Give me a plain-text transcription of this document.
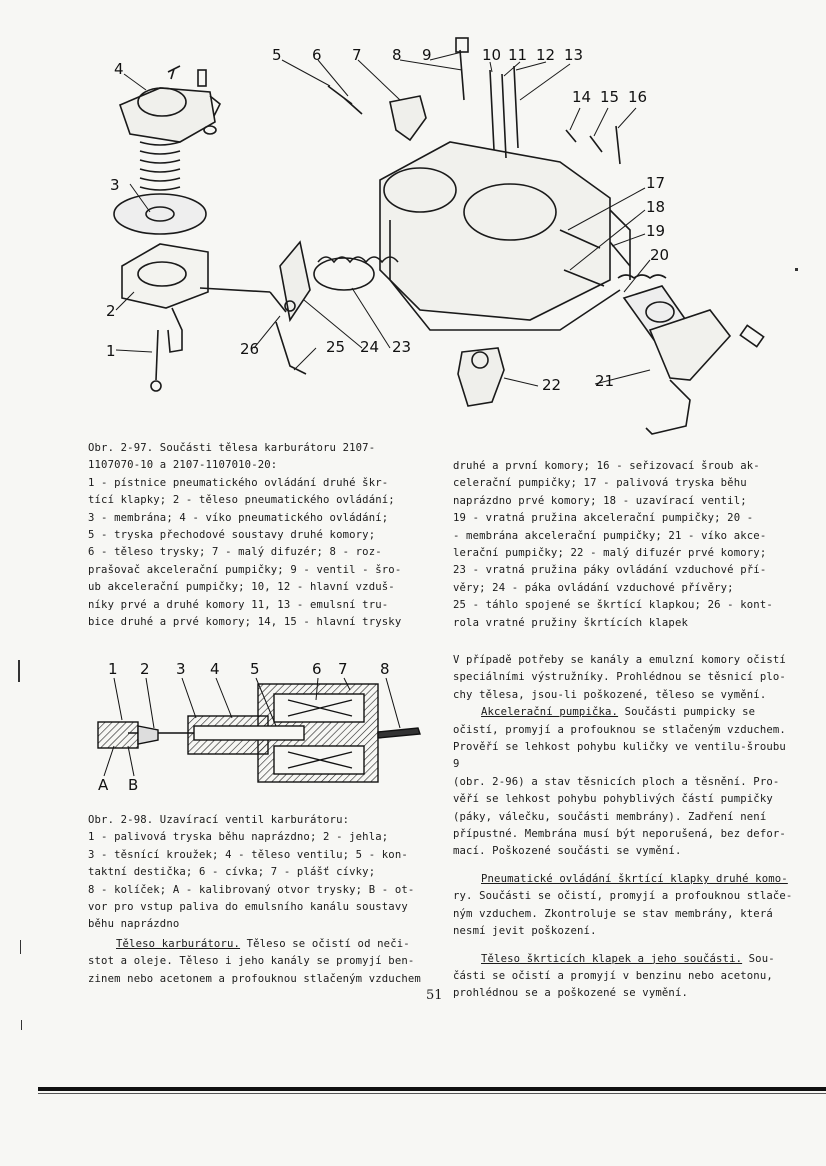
4
5 6 7 8 9	10 11 12 13
14 15 16
17
18
19
20
21
22
23
24
25
26
3
2
1

Obr. 2-97. Součásti tělesa karburátoru 2107-

1107070-10 a 2107-1107010-20:

1 - pístnice pneumatického ovládání druhé škr-

tící klapky; 2 - těleso pneumatického ovládání;

3 - membrána; 4 - víko pneumatického ovládání;

5 - tryska přechodové soustavy druhé komory;

6 - těleso trysky; 7 - malý difuzér; 8 - roz-

prašovač akcelerační pumpičky; 9 - ventil - šro-

ub akcelerační pumpičky; 10, 12 - hlavní vzduš-

níky prvé a druhé komory 11, 13 - emulsní tru-

bice druhé a prvé komory; 14, 15 - hlavní trysky

druhé a první komory; 16 - seřizovací šroub ak-

celerační pumpičky; 17 - palivová tryska běhu

naprázdno prvé komory; 18 - uzavírací ventil;

19 - vratná pružina akcelerační pumpičky; 20 -

- membrána akcelerační pumpičky; 21 - víko akce-

lerační pumpičky; 22 - malý difuzér prvé komory;

23 - vratná pružina páky ovládání vzduchové pří-

věry; 24 - páka ovládání vzduchové přívěry;

25 - táhlo spojené se škrtící klapkou; 26 - kont-

rola vratné pružiny škrtících klapek

1 2 3 4 5	6 7 8
A B

Obr. 2-98. Uzavírací ventil karburátoru:

1 - palivová tryska běhu naprázdno; 2 - jehla;

3 - těsnící kroužek; 4 - těleso ventilu; 5 - kon-

taktní destička; 6 - cívka; 7 - plášť cívky;

8 - kolíček; A - kalibrovaný otvor trysky; B - ot-

vor pro vstup paliva do emulsního kanálu soustavy

běhu naprázdno

Těleso karburátoru. Těleso se očistí od neči-

stot a oleje. Těleso i jeho kanály se promyjí ben-

zinem nebo acetonem a profouknou stlačeným vzduchem

V případě potřeby se kanály a emulzní komory očistí

speciálními výstružníky. Prohlédnou se těsnicí plo-

chy tělesa, jsou-li poškozené, těleso se vymění.

Akcelerační pumpička. Součásti pumpicky se

očistí, promyjí a profouknou se stlačeným vzduchem.

Prověří se lehkost pohybu kuličky ve ventilu-šroubu 9

(obr. 2-96) a stav těsnicích ploch a těsnění. Pro-

věří se lehkost pohybu pohyblivých částí pumpičky

(páky, válečku, součásti membrány). Zadření není

přípustné. Membrána musí být neporušená, bez defor-

mací. Poškozené součásti se vymění.

Pneumatické ovládání škrtící klapky druhé komo-

ry. Součásti se očistí, promyjí a profouknou stlače-

ným vzduchem. Zkontroluje se stav membrány, která

nesmí jevit poškození.

Těleso škrticích klapek a jeho součásti. Sou-

části se očistí a promyjí v benzinu nebo acetonu,

prohlédnou se a poškozené se vymění.

51
